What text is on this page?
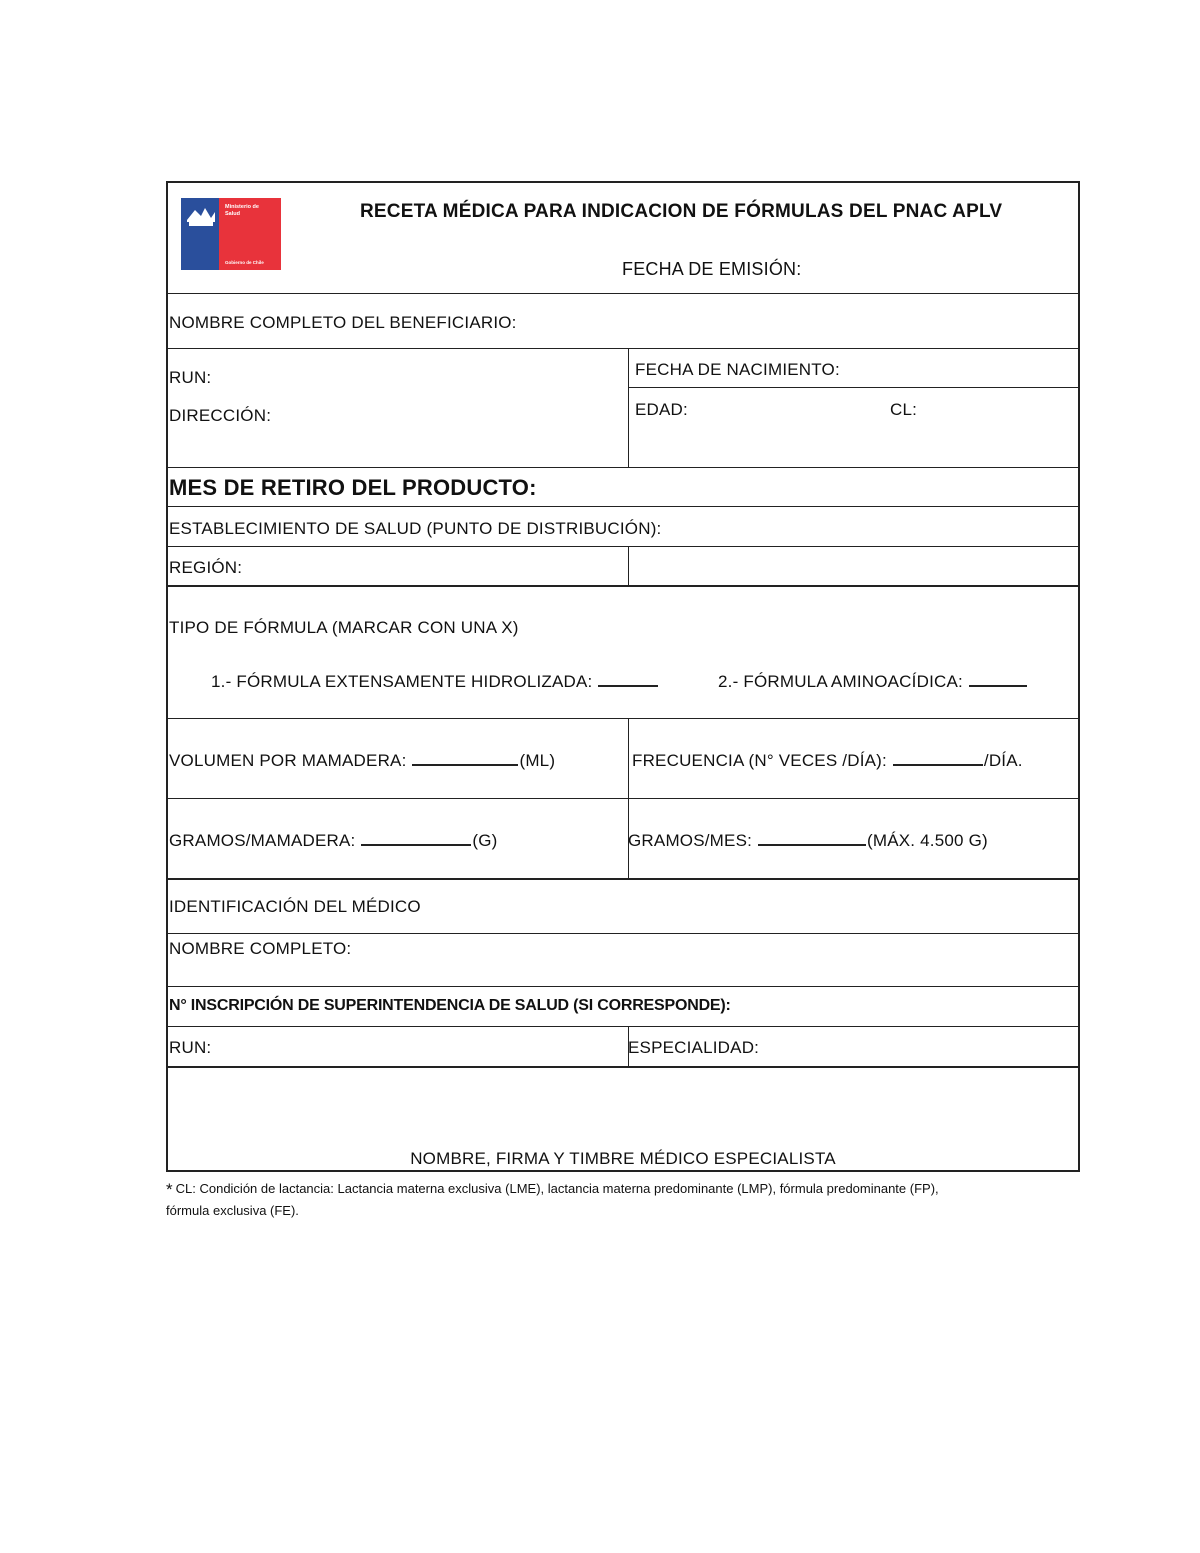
Ministerio de
Salud
Gobierno de Chile
RECETA MÉDICA PARA INDICACION DE FÓRMULAS DEL PNAC APLV
FECHA DE EMISIÓN:
NOMBRE COMPLETO DEL BENEFICIARIO:
RUN:
DIRECCIÓN:
FECHA DE NACIMIENTO:
EDAD:	CL:
MES DE RETIRO DEL PRODUCTO:
ESTABLECIMIENTO DE SALUD (PUNTO DE DISTRIBUCIÓN):
REGIÓN:
TIPO DE FÓRMULA (MARCAR CON UNA X)
1.- FÓRMULA EXTENSAMENTE HIDROLIZADA:	2.- FÓRMULA AMINOACÍDICA:
VOLUMEN POR MAMADERA:	(ML)	FRECUENCIA (N° VECES /DÍA):	/DÍA.
GRAMOS/MAMADERA:	(G)	GRAMOS/MES:	(MÁX. 4.500 G)
IDENTIFICACIÓN DEL MÉDICO
NOMBRE COMPLETO:
N° INSCRIPCIÓN DE SUPERINTENDENCIA DE SALUD (SI CORRESPONDE):
RUN:	ESPECIALIDAD:
NOMBRE, FIRMA Y TIMBRE MÉDICO ESPECIALISTA
* CL: Condición de lactancia: Lactancia materna exclusiva (LME), lactancia materna predominante (LMP), fórmula predominante (FP),
fórmula exclusiva (FE).
